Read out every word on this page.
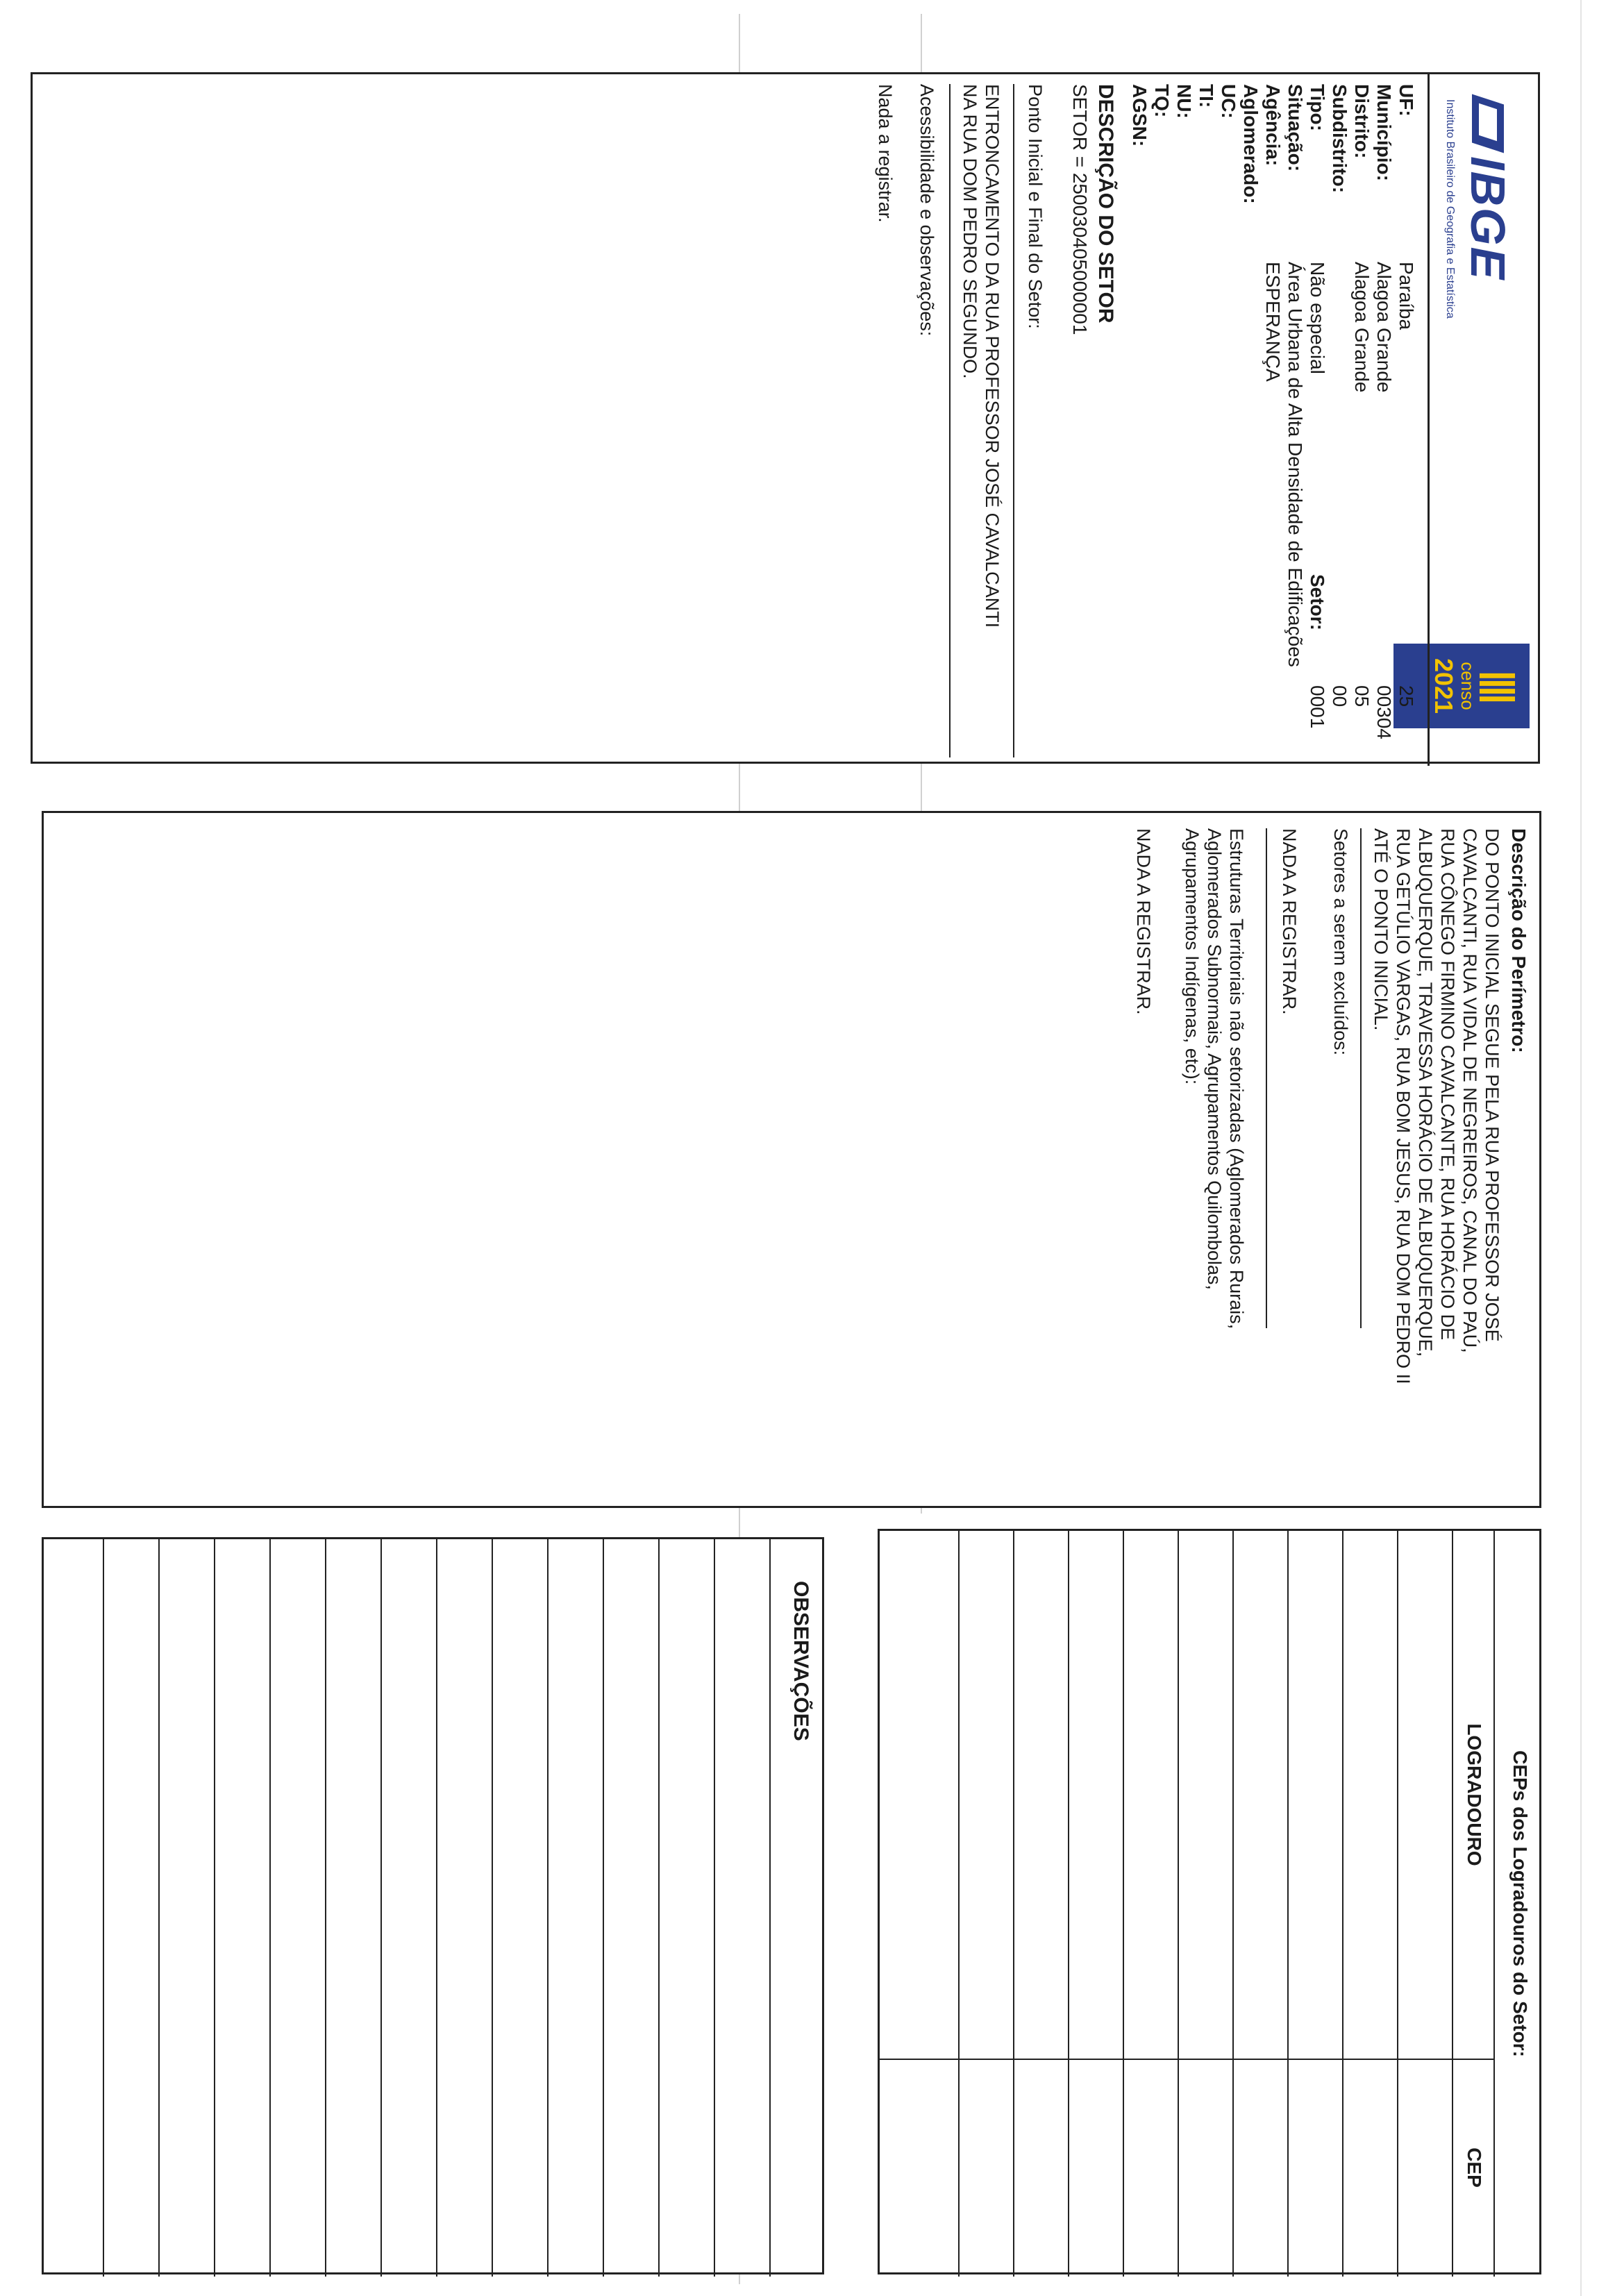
IBGE
Instituto Brasileiro de Geografia e Estatística
||||
censo
2021
UF:
Paraíba
25
Município:
Alagoa Grande
00304
Distrito:
Alagoa Grande
05
Subdistrito:
00
Tipo:
Não especial
Setor:
0001
Situação:
Área Urbana de Alta Densidade de Edificações
Agência:
ESPERANÇA
Aglomerado:
UC:
TI:
NU:
TQ:
AGSN:
DESCRIÇÃO DO SETOR
SETOR = 250030405000001
Ponto Inicial e Final do Setor:
ENTRONCAMENTO DA RUA PROFESSOR JOSÉ CAVALCANTI
NA RUA DOM PEDRO SEGUNDO.
Acessibilidade e observações:
Nada a registrar.
Descrição do Perímetro:
DO PONTO INICIAL SEGUE PELA RUA PROFESSOR JOSÉ
CAVALCANTI, RUA VIDAL DE NEGREIROS, CANAL DO PAÚ,
RUA CÔNEGO FIRMINO CAVALCANTE, RUA HORÁCIO DE
ALBUQUERQUE, TRAVESSA HORÁCIO DE ALBUQUERQUE,
RUA GETÚLIO VARGAS, RUA BOM JESUS, RUA DOM PEDRO II
ATÉ O PONTO INICIAL.
Setores a serem excluídos:
NADA A REGISTRAR.
Estruturas Territoriais não setorizadas (Aglomerados Rurais,
Aglomerados Subnormais, Agrupamentos Quilombolas,
Agrupamentos Indígenas, etc):
NADA A REGISTRAR.
CEPs dos Logradouros do Setor:
LOGRADOURO
CEP
OBSERVAÇÕES
